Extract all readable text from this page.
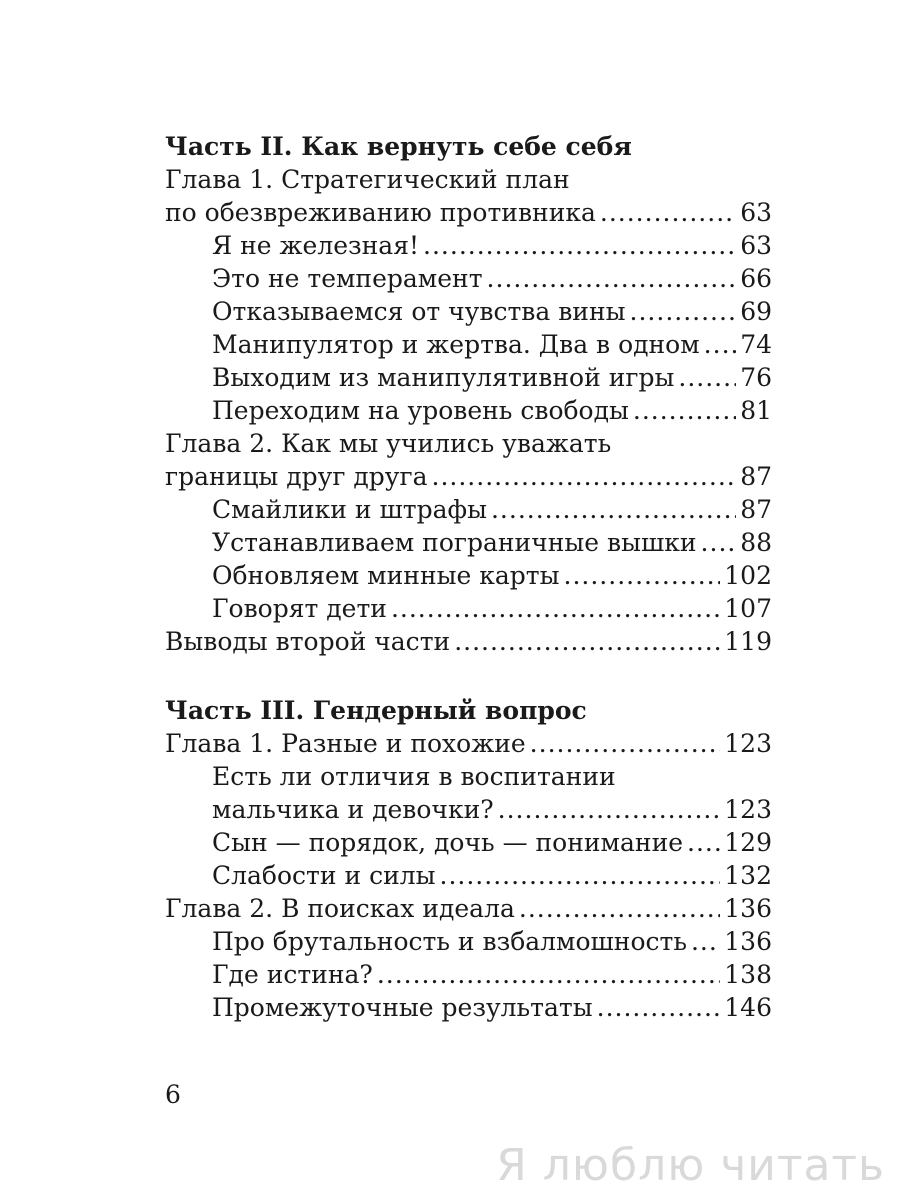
Часть II. Как вернуть себе себя
Глава 1. Стратегический план
по обезвреживанию противника .....	63
Я не железная! .....	63
Это не темперамент .....	66
Отказываемся от чувства вины .....	69
Манипулятор и жертва. Два в одном ..... 74
Выходим из манипулятивной игры .....	76
Переходим на уровень свободы .....	81
Глава 2. Как мы учились уважать
границы друг друга .....	87
Смайлики и штрафы .....	87
Устанавливаем пограничные вышки ..... 88
Обновляем минные карты .....	102
Говорят дети .....	107
Выводы второй части .....	119
Часть III. Гендерный вопрос
Глава 1. Разные и похожие .....	123
Есть ли отличия в воспитании
мальчика и девочки? .....	123
Сын — порядок, дочь — понимание ..... 129
Слабости и силы .....	132
Глава 2. В поисках идеала .....	136
Про брутальность и взбалмошность ..... 136
Где истина? .....	138
Промежуточные результаты .....	146
6
Я люблю читать
